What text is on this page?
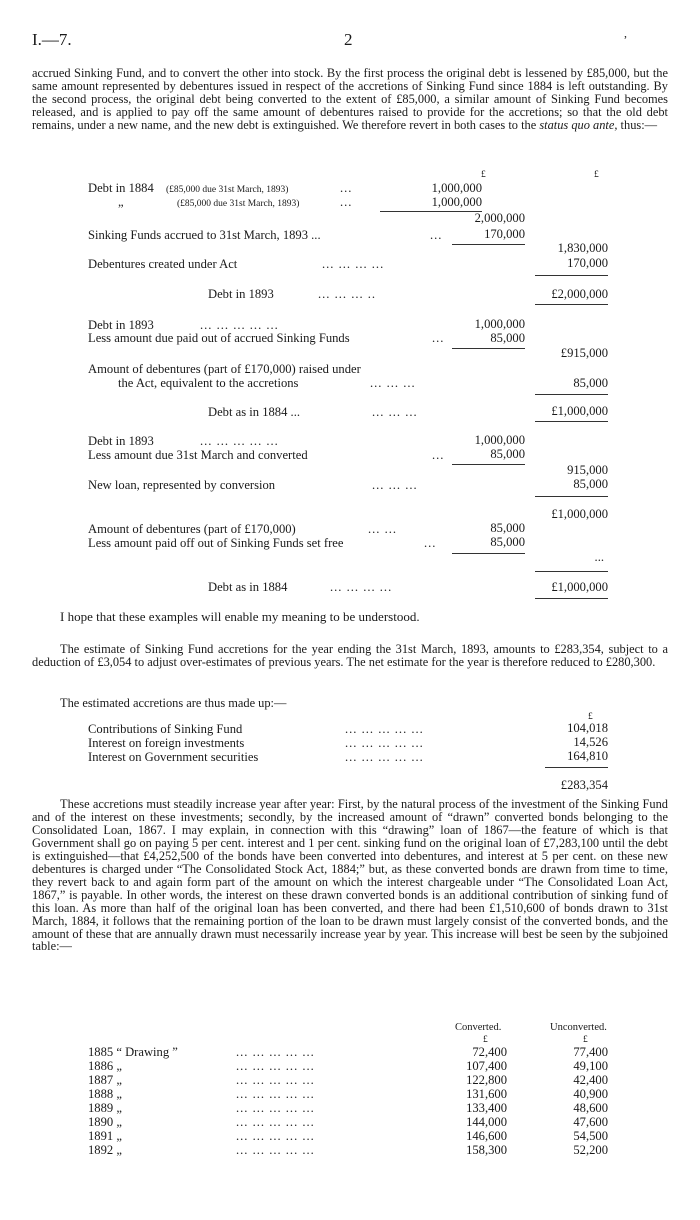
I.—7.	2	,

accrued Sinking Fund, and to convert the other into stock. By the first process the original debt is lessened by £85,000, but the same amount represented by debentures issued in respect of the accretions of Sinking Fund since 1884 is left outstanding. By the second process, the original debt being converted to the extent of £85,000, a similar amount of Sinking Fund becomes released, and is applied to pay off the same amount of debentures raised to provide for the accretions; so that the old debt remains, under a new name, and the new debt is extinguished. We therefore revert in both cases to the status quo ante, thus:—

£	£
Debt in 1884 (£85,000 due 31st March, 1893)	...	1,000,000
„	(£85,000 due 31st March, 1893)	...	1,000,000
2,000,000
Sinking Funds accrued to 31st March, 1893 ...	...	170,000
1,830,000
Debentures created under Act	... ... ... ...	170,000
Debt in 1893	... ... ... ..	£2,000,000
Debt in 1893	... ... ... ... ...	1,000,000
Less amount due paid out of accrued Sinking Funds	...	85,000
£915,000
Amount of debentures (part of £170,000) raised under
the Act, equivalent to the accretions	... ... ...	85,000
Debt as in 1884 ...	... ... ...	£1,000,000
Debt in 1893	... ... ... ... ...	1,000,000
Less amount due 31st March and converted	...	85,000
915,000
New loan, represented by conversion	... ... ...	85,000
£1,000,000
Amount of debentures (part of £170,000)	... ...	85,000
Less amount paid off out of Sinking Funds set free	...	85,000
...
Debt as in 1884	... ... ... ...	£1,000,000
I hope that these examples will enable my meaning to be understood.

The estimate of Sinking Fund accretions for the year ending the 31st March, 1893, amounts to £283,354, subject to a deduction of £3,054 to adjust over-estimates of previous years. The net estimate for the year is therefore reduced to £280,300.

The estimated accretions are thus made up:—
£
Contributions of Sinking Fund	... ... ... ... ...	104,018
Interest on foreign investments	... ... ... ... ...	14,526
Interest on Government securities	... ... ... ... ...	164,810
£283,354

These accretions must steadily increase year after year: First, by the natural process of the investment of the Sinking Fund and of the interest on these investments; secondly, by the increased amount of “drawn” converted bonds belonging to the Consolidated Loan, 1867. I may explain, in connection with this “drawing” loan of 1867—the feature of which is that Government shall go on paying 5 per cent. interest and 1 per cent. sinking fund on the original loan of £7,283,100 until the debt is extinguished—that £4,252,500 of the bonds have been converted into debentures, and interest at 5 per cent. on these new debentures is charged under “The Consolidated Stock Act, 1884;” but, as these converted bonds are drawn from time to time, they revert back to and again form part of the amount on which the interest chargeable under “The Consolidated Loan Act, 1867,” is payable. In other words, the interest on these drawn converted bonds is an additional contribution of sinking fund of this loan. As more than half of the original loan has been converted, and there had been £1,510,600 of bonds drawn to 31st March, 1884, it follows that the remaining portion of the loan to be drawn must largely consist of the converted bonds, and the amount of these that are annually drawn must necessarily increase year by year. This increase will best be seen by the subjoined table:—

Converted.	Unconverted.
£	£
1885 “ Drawing ”	... ... ... ... ...	72,400	77,400
1886 „	... ... ... ... ...	107,400	49,100
1887 „	... ... ... ... ...	122,800	42,400
1888 „	... ... ... ... ...	131,600	40,900
1889 „	... ... ... ... ...	133,400	48,600
1890 „	... ... ... ... ...	144,000	47,600
1891 „	... ... ... ... ...	146,600	54,500
1892 „	... ... ... ... ...	158,300	52,200
